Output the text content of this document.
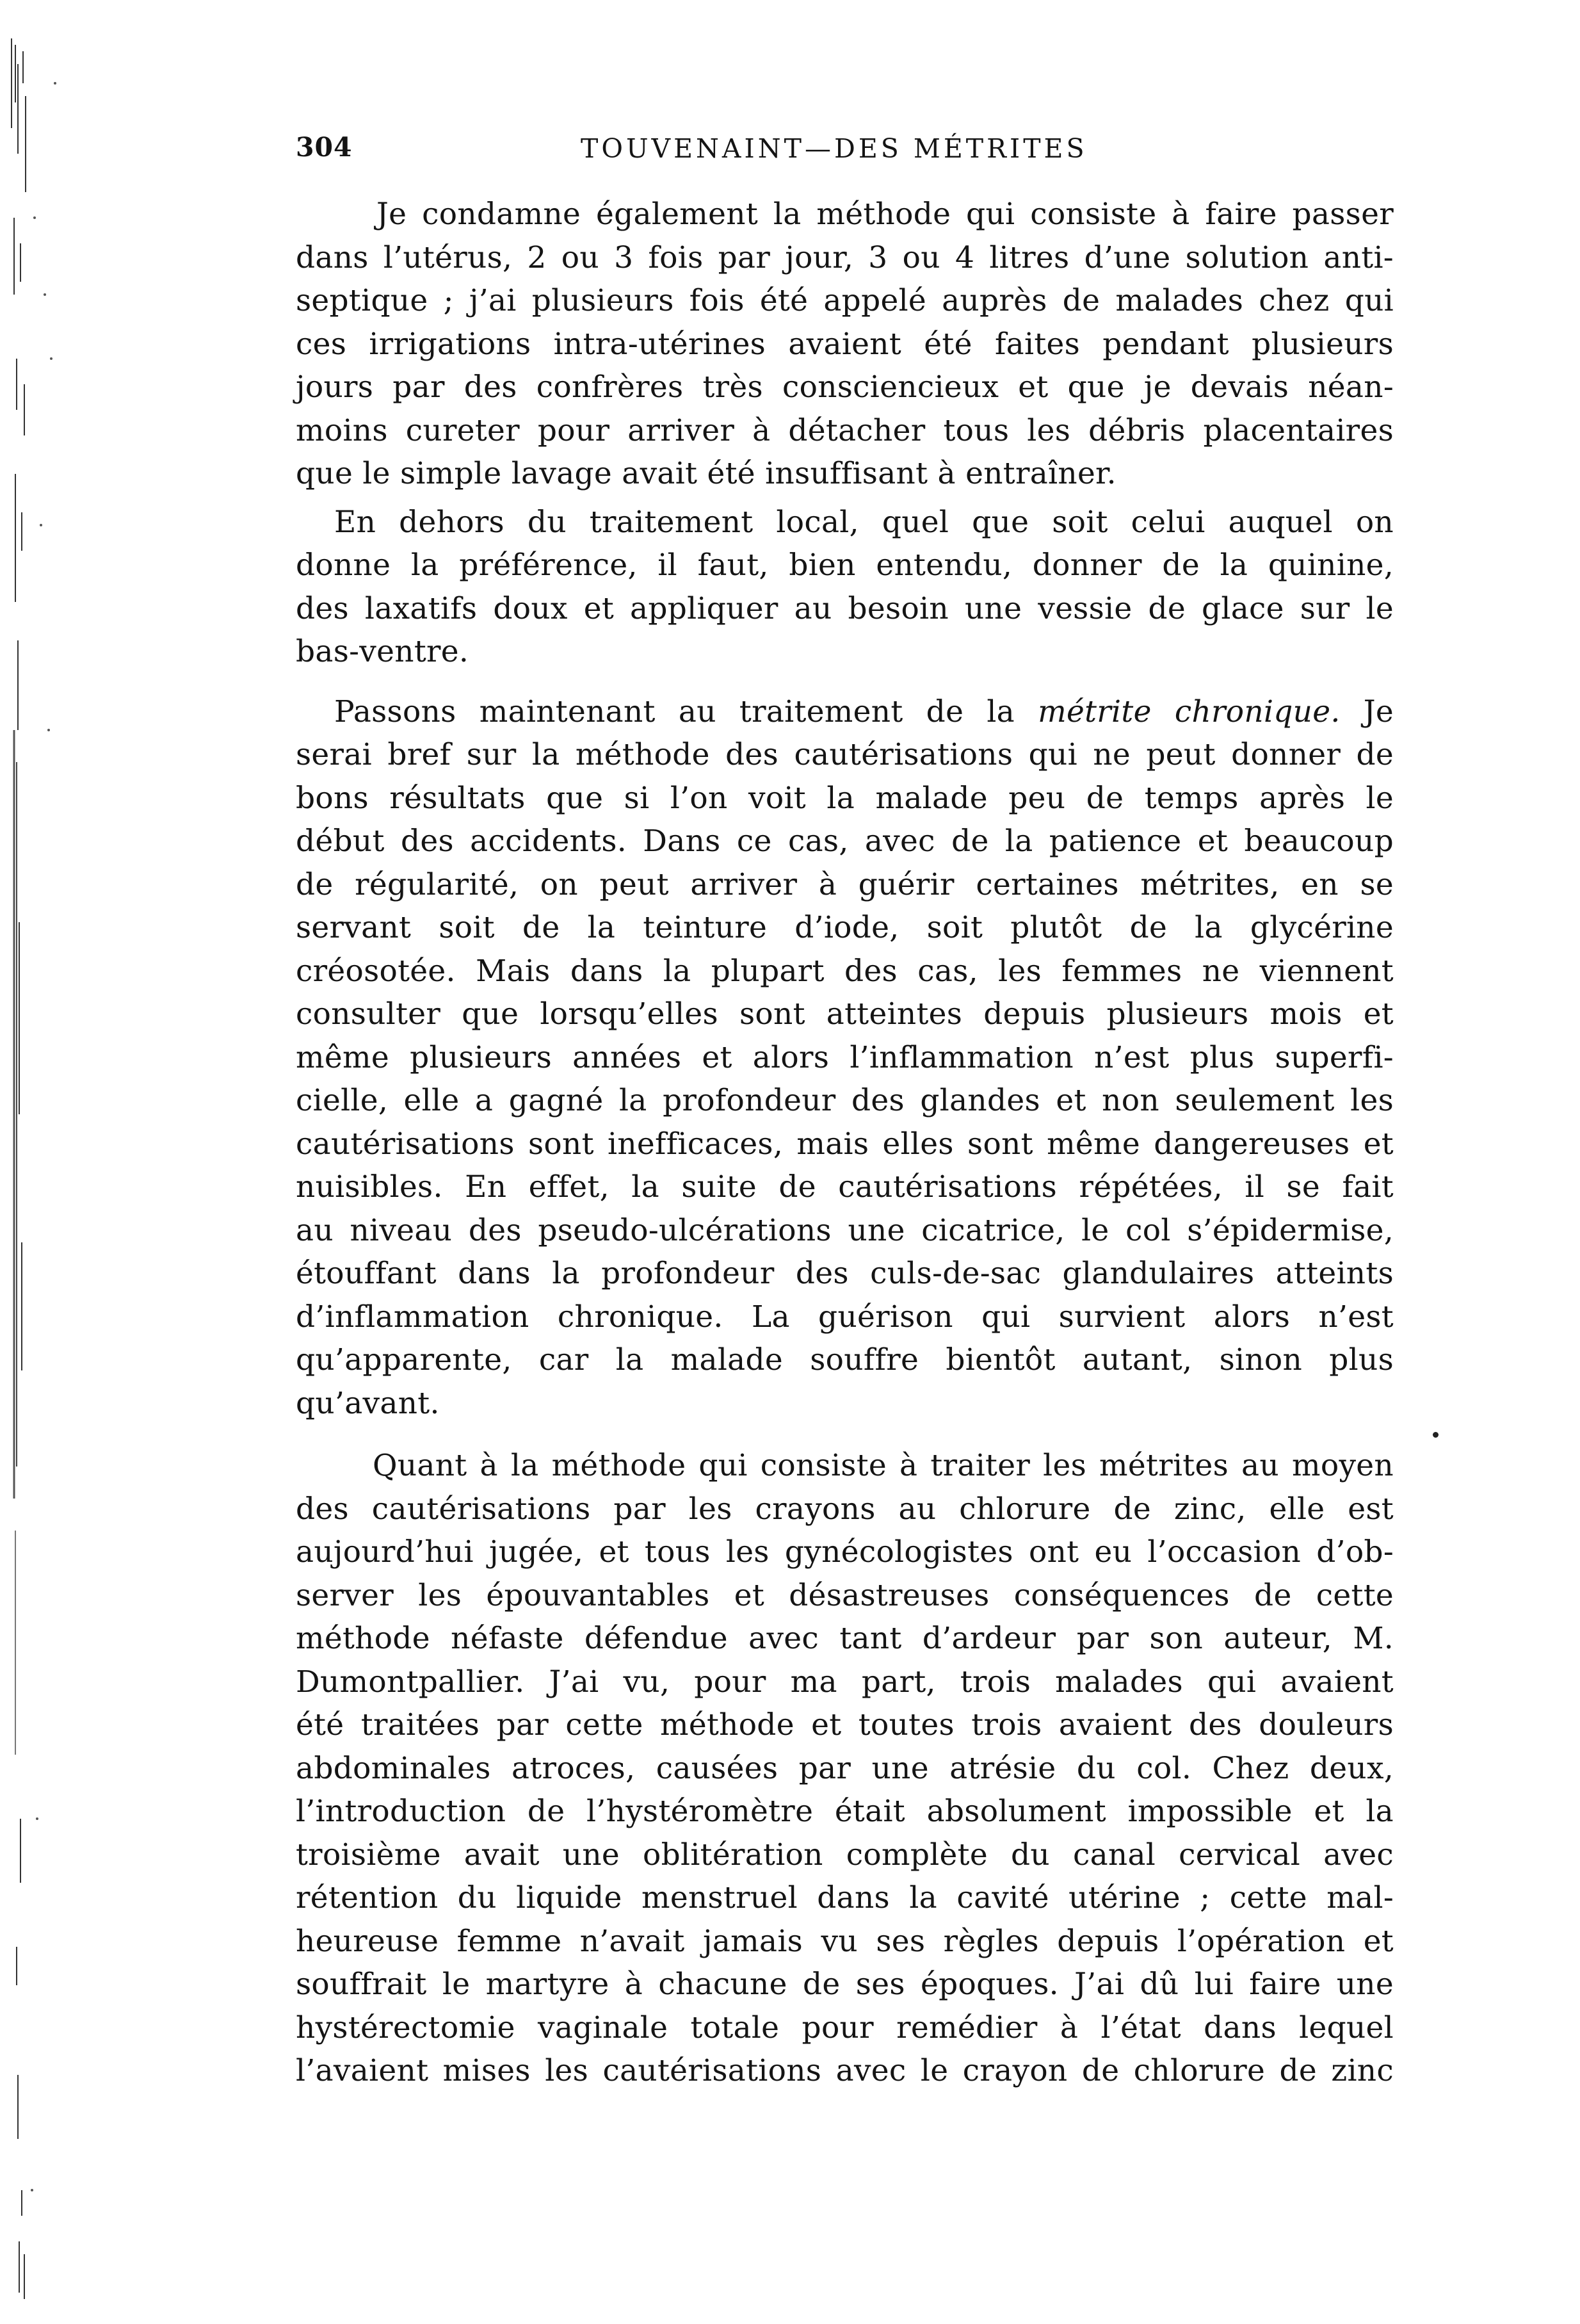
304	TOUVENAINT—DES MÉTRITES
Je condamne également la méthode qui consiste à faire passer
dans l’utérus, 2 ou 3 fois par jour, 3 ou 4 litres d’une solution anti-
septique ; j’ai plusieurs fois été appelé auprès de malades chez qui
ces irrigations intra-utérines avaient été faites pendant plusieurs
jours par des confrères très consciencieux et que je devais néan-
moins cureter pour arriver à détacher tous les débris placentaires
que le simple lavage avait été insuffisant à entraîner.
En dehors du traitement local, quel que soit celui auquel on
donne la préférence, il faut, bien entendu, donner de la quinine,
des laxatifs doux et appliquer au besoin une vessie de glace sur le
bas-ventre.
Passons maintenant au traitement de la métrite chronique. Je
serai bref sur la méthode des cautérisations qui ne peut donner de
bons résultats que si l’on voit la malade peu de temps après le
début des accidents. Dans ce cas, avec de la patience et beaucoup
de régularité, on peut arriver à guérir certaines métrites, en se
servant soit de la teinture d’iode, soit plutôt de la glycérine
créosotée. Mais dans la plupart des cas, les femmes ne viennent
consulter que lorsqu’elles sont atteintes depuis plusieurs mois et
même plusieurs années et alors l’inflammation n’est plus superfi-
cielle, elle a gagné la profondeur des glandes et non seulement les
cautérisations sont inefficaces, mais elles sont même dangereuses et
nuisibles. En effet, la suite de cautérisations répétées, il se fait
au niveau des pseudo-ulcérations une cicatrice, le col s’épidermise,
étouffant dans la profondeur des culs-de-sac glandulaires atteints
d’inflammation chronique. La guérison qui survient alors n’est
qu’apparente, car la malade souffre bientôt autant, sinon plus
qu’avant.
Quant à la méthode qui consiste à traiter les métrites au moyen
des cautérisations par les crayons au chlorure de zinc, elle est
aujourd’hui jugée, et tous les gynécologistes ont eu l’occasion d’ob-
server les épouvantables et désastreuses conséquences de cette
méthode néfaste défendue avec tant d’ardeur par son auteur, M.
Dumontpallier. J’ai vu, pour ma part, trois malades qui avaient
été traitées par cette méthode et toutes trois avaient des douleurs
abdominales atroces, causées par une atrésie du col. Chez deux,
l’introduction de l’hystéromètre était absolument impossible et la
troisième avait une oblitération complète du canal cervical avec
rétention du liquide menstruel dans la cavité utérine ; cette mal-
heureuse femme n’avait jamais vu ses règles depuis l’opération et
souffrait le martyre à chacune de ses époques. J’ai dû lui faire une
hystérectomie vaginale totale pour remédier à l’état dans lequel
l’avaient mises les cautérisations avec le crayon de chlorure de zinc
